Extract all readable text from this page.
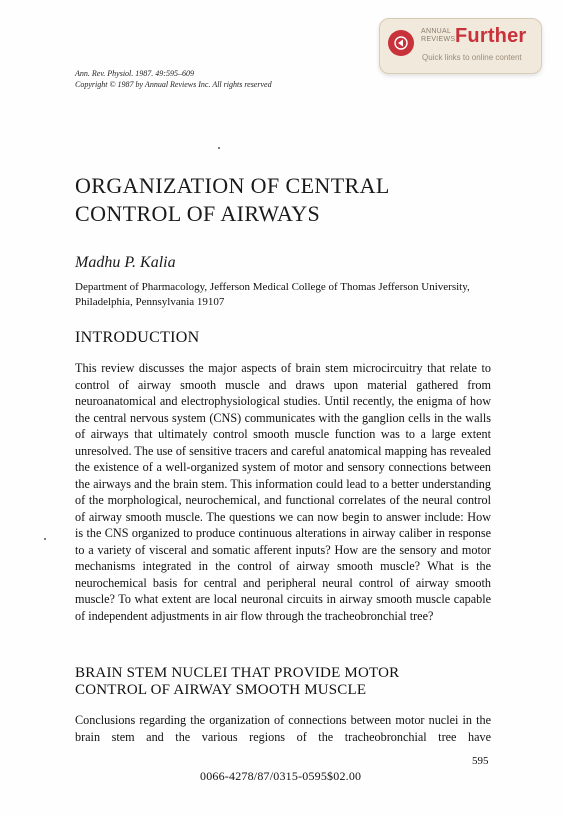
ANNUAL
REVIEWS Further
Quick links to online content
Ann. Rev. Physiol. 1987. 49:595–609
Copyright © 1987 by Annual Reviews Inc. All rights reserved
ORGANIZATION OF CENTRAL
CONTROL OF AIRWAYS
Madhu P. Kalia
Department of Pharmacology, Jefferson Medical College of Thomas Jefferson University, Philadelphia, Pennsylvania 19107
INTRODUCTION

This review discusses the major aspects of brain stem microcircuitry that relate to control of airway smooth muscle and draws upon material gathered from neuroanatomical and electrophysiological studies. Until recently, the enigma of how the central nervous system (CNS) communicates with the ganglion cells in the walls of airways that ultimately control smooth muscle function was to a large extent unresolved. The use of sensitive tracers and careful anatomical mapping has revealed the existence of a well-organized system of motor and sensory connections between the airways and the brain stem. This information could lead to a better understanding of the morphological, neurochemical, and functional correlates of the neural control of airway smooth muscle. The questions we can now begin to answer include: How is the CNS organized to produce continuous alterations in airway caliber in response to a variety of visceral and somatic afferent inputs? How are the sensory and motor mechanisms integrated in the control of airway smooth muscle? What is the neurochemical basis for central and peripheral neural control of airway smooth muscle? To what extent are local neuronal circuits in airway smooth muscle capable of independent adjustments in air flow through the tracheobronchial tree?

BRAIN STEM NUCLEI THAT PROVIDE MOTOR
CONTROL OF AIRWAY SMOOTH MUSCLE

Conclusions regarding the organization of connections between motor nuclei in the brain stem and the various regions of the tracheobronchial tree have

595
0066-4278/87/0315-0595$02.00
